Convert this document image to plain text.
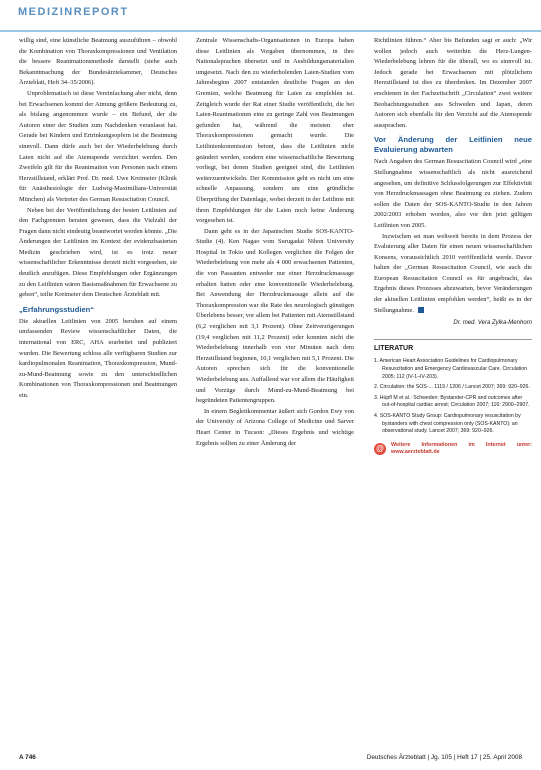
MEDIZINREPORT

willig sind, eine künstliche Beatmung auszuführen – obwohl die Kombination von Thoraxkompressionen und Ventilation die bessere Reanimationsmethode darstellt (siehe auch Bekanntmachung der Bundesärztekammer, Deutsches Ärzteblatt, Heft 34–35/2006).

Unproblematisch ist diese Vereinfachung aber nicht, denn bei Erwachsenen kommt der Atmung größere Bedeutung zu, als bislang angenommen wurde – ein Befund, der die Autoren einer der Studien zum Nachdenken veranlasst hat. Gerade bei Kindern und Ertrinkungsopfern ist die Beatmung sinnvoll. Dann dürfe auch bei der Wiederbelebung durch Laien nicht auf die Atemspende verzichtet werden. Den Zweifeln gilt für die Reanimation von Personen nach einem Herzstillstand, erklärt Prof. Dr. med. Uwe Kreimeier (Klinik für Anästhesiologie der Ludwig-Maximilians-Universität München) als Vertreter des German Resuscitation Council.

Neben bei der Veröffentlichung der besten Leitlinien auf den Fachgremien beraten gewesen, dass die Vielzahl der Fragen dann nicht eindeutig beantwortet werden könnte. „Die Änderungen der Leitlinien im Kontext der evidenzbasierten Medizin geschrieben wird, ist es trotz neuer wissenschaftlicher Erkenntnisse derzeit nicht vorgesehen, sie deutlich anzufügen. Diese Empfehlungen oder Ergänzungen zu den Leitlinien wären Basismaßnahmen für Erwachsene zu geben“, teilte Kreimeier dem Deutschen Ärzteblatt mit.

„Erfahrungsstudien“

Die aktuellen Leitlinien von 2005 beruhen auf einem umfassenden Review wissenschaftlicher Daten, die international von ERC, AHA erarbeitet und publiziert wurden. Die Bewertung schloss alle verfügbaren Studien zur kardiopulmonalen Reanimation, Thoraxkompression, Mund-zu-Mund-Beatmung sowie zu den unterschiedlichen Kombinationen von Thoraxkompressionen und Beatmungen ein.

Zentrale Wissenschafts-Organisationen in Europa haben diese Leitlinien als Vorgaben übernommen, in ihre Nationalsprachen übersetzt und in Ausbildungsmaterialien umgesetzt. Nach den zu wiederholenden Laien-Studien vom Jahresbeginn 2007 entstanden deutliche Fragen an den Gremien, welche Beatmung für Laien zu empfehlen ist. Zeitgleich wurde der Rat einer Studie veröffentlicht, die bei Laien-Reanimationen eine zu geringe Zahl von Beatmungen gefunden hat, während die meisten eher Thoraxkompressionen gemacht wurde. Die Leitlinienkommission betont, dass die Leitlinien nicht geändert werden, sondern eine wissenschaftliche Bewertung vorliegt, bei denen Studien geeignet sind, die Leitlinien weiterzuentwickeln. Der Kommission geht es nicht um eine schnelle Anpassung, sondern um eine gründliche Überprüfung der Datenlage, wobei derzeit in der Leitlinie mit ihren Empfehlungen für die Laien noch keine Änderung vorgesehen ist.

Dann geht es in der Japanischen Studie SOS-KANTO-Studie (4). Ken Nagao vom Surugadai Nihon University Hospital in Tokio und Kollegen verglichen die Folgen der Wiederbelebung von mehr als 4 000 erwachsenen Patienten, die von Passanten entweder nur einer Herzdruckmassage erhalten hatten oder eine konventionelle Wiederbelebung. Bei Anwendung der Herzdruckmassage allein auf die Thoraxkompression war die Rate des neurologisch günstigen Überlebens besser, vor allem bei Patienten mit Atemstillstand (6,2 verglichen mit 3,1 Prozent). Ohne Zeitverzögerungen (19,4 verglichen mit 11,2 Prozent) oder konnten nicht die Wiederbelebung innerhalb von vier Minuten nach dem Herzstillstand beginnen, 10,1 verglichen mit 5,1 Prozent. Die Autoren sprechen sich für die konventionelle Wiederbelebung aus. Auffallend war vor allem die Häufigkeit und Vorzüge durch Mund-zu-Mund-Beatmung bei begründeten Patientengruppen.

In einem Begleitkommentar äußert sich Gordon Ewy von der University of Arizona College of Medicine und Sarver Heart Center in Tucson: „Dieses Ergebnis und wichtige Ergebnis sollten zu einer Änderung der

Richtlinien führen.“ Aber bis Befunden sagt er auch: „Wir wollen jedoch auch weiterhin die Herz-Lungen-Wiederbelebung lehren für die überall, wo es sinnvoll ist. Jedoch gerade bei Erwachsenen mit plötzlichem Herzstillstand ist dies zu überdenken. Im Dezember 2007 erschienen in der Fachzeitschrift „Circulation“ zwei weitere Beobachtungsstudien aus Schweden und Japan, deren Autoren sich ebenfalls für den Verzicht auf die Atemspende aussprachen.

Vor Änderung der Leitlinien neue Evaluierung abwarten

Nach Angaben des German Resuscitation Council wird „eine Stellungnahme wissenschaftlich als nicht ausreichend angesehen, um definitive Schlussfolgerungen zur Effektivität von Herzdruckmassagen ohne Beatmung zu ziehen. Zudem sollen die Daten der SOS-KANTO-Studie in den Jahren 2002/2003 erhoben worden, also vor den jetzt gültigen Leitlinien von 2005.

Inzwischen sei man weltweit bereits in dem Prozess der Evaluierung aller Daten für einen neuen wissenschaftlichen Konsens, voraussichtlich 2010 veröffentlicht werde. Davor halten der „German Resuscitation Council, wie auch die European Resuscitation Council es für angebracht, das Ergebnis dieses Prozesses abzuwarten, bevor Veränderungen der aktuellen Leitlinien empfohlen werden“, heißt es in der Stellungnahme.

Dr. med. Vera Zylka-Menhorn
LITERATUR
1. American Heart Association Guidelines for Cardiopulmonary Resuscitation and Emergency Cardiovascular Care. Circulation 2005; 112 (IV-1–IV-203).
2. Circulation: the SOS-... 1119 / 1206 / Lancet 2007; 369: 920–926.
3. Hüpfl M et al.: Schweden: Bystander-CPR and outcomes after out-of-hospital cardiac arrest; Circulation 2007; 116: 2900–2907.
4. SOS-KANTO Study Group: Cardiopulmonary resuscitation by bystanders with chest compression only (SOS-KANTO): an observational study. Lancet 2007; 369: 920–926.
@	Weitere Informationen im Internet unter: www.aerzteblatt.de
A 746	Deutsches Ärzteblatt | Jg. 105 | Heft 17 | 25. April 2008
